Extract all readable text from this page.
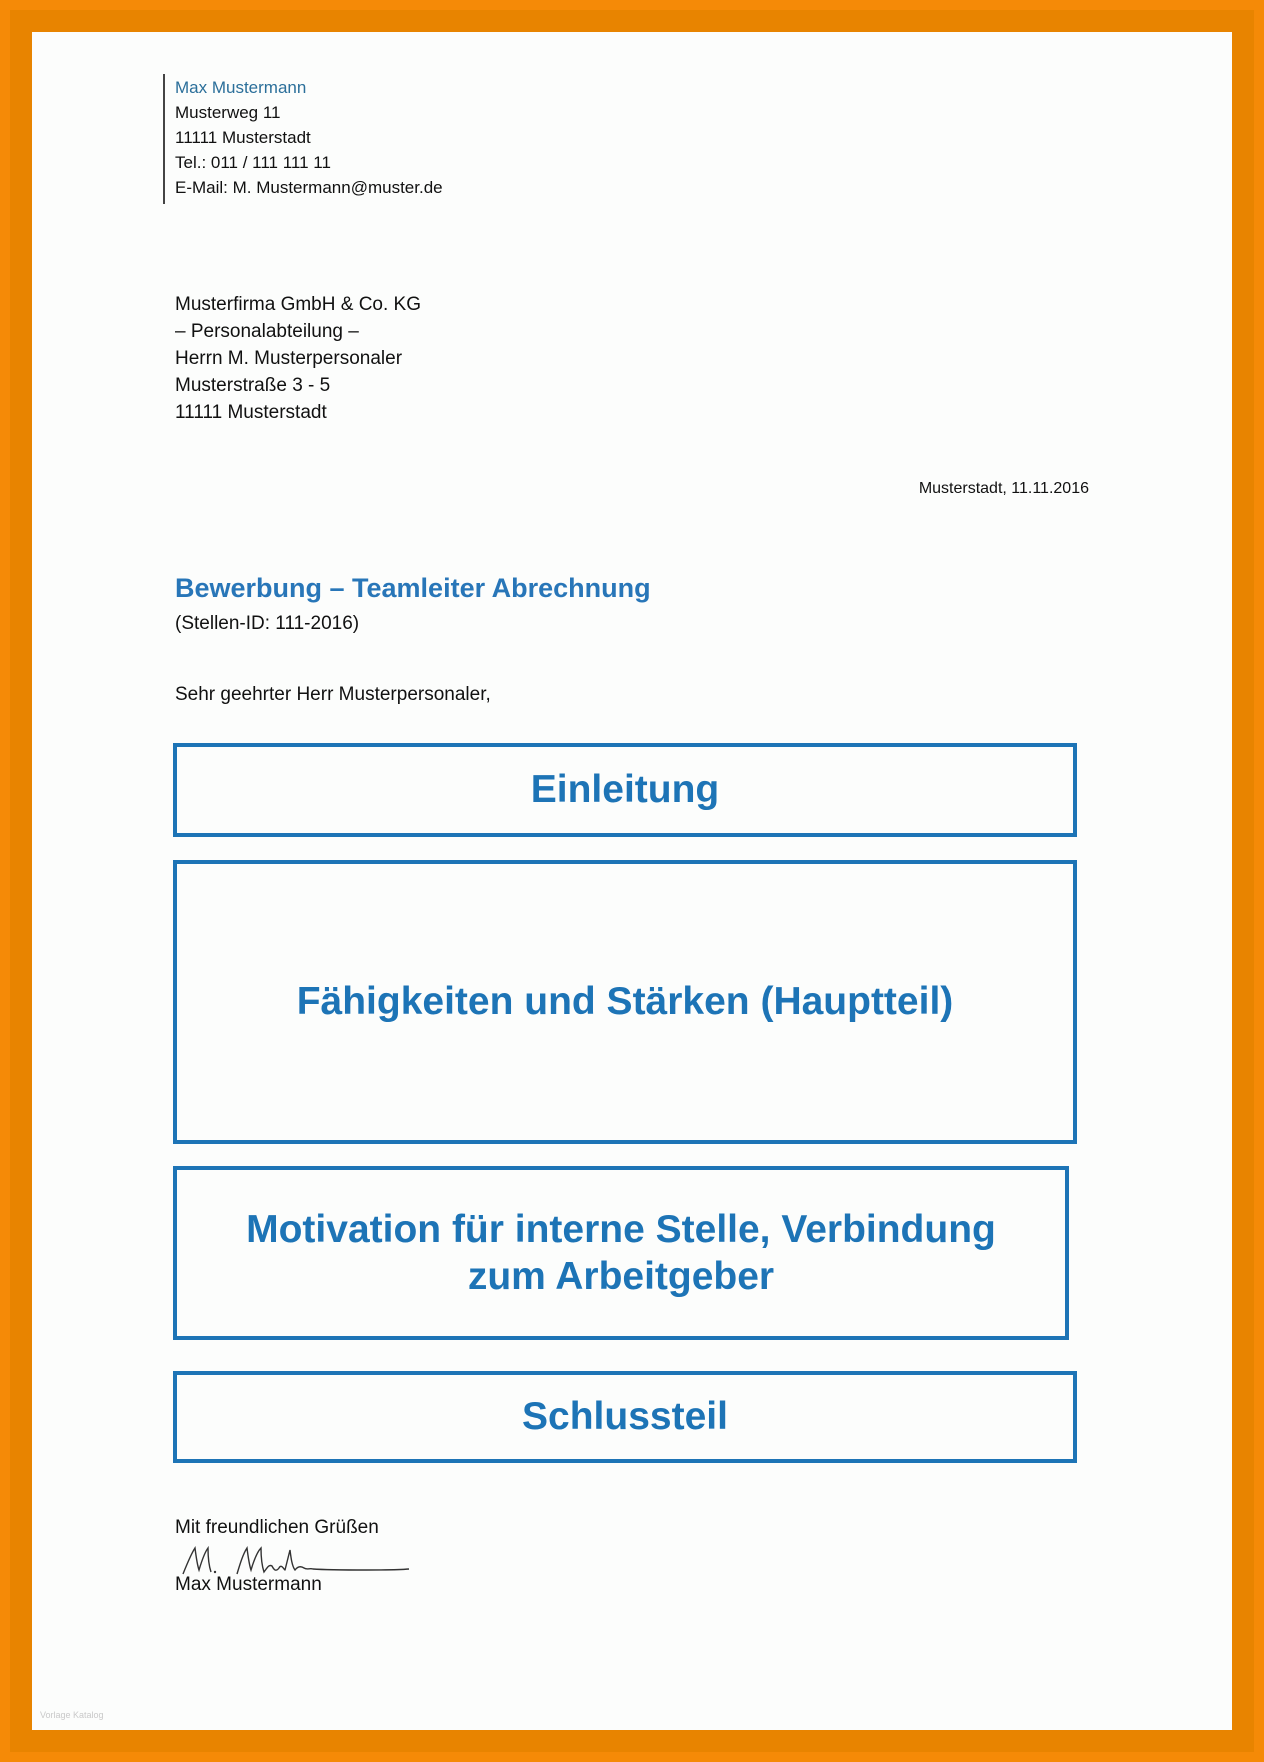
Max Mustermann
Musterweg 11
11111 Musterstadt
Tel.: 011 / 111 111 11
E-Mail: M. Mustermann@muster.de
Musterfirma GmbH & Co. KG
– Personalabteilung –
Herrn M. Musterpersonaler
Musterstraße 3 - 5
11111 Musterstadt
Musterstadt, 11.11.2016
Bewerbung – Teamleiter Abrechnung
(Stellen-ID: 111-2016)
Sehr geehrter Herr Musterpersonaler,
Einleitung
Fähigkeiten und Stärken (Hauptteil)
Motivation für interne Stelle, Verbindung
zum Arbeitgeber
Schlussteil
Mit freundlichen Grüßen
Max Mustermann
Vorlage Katalog
